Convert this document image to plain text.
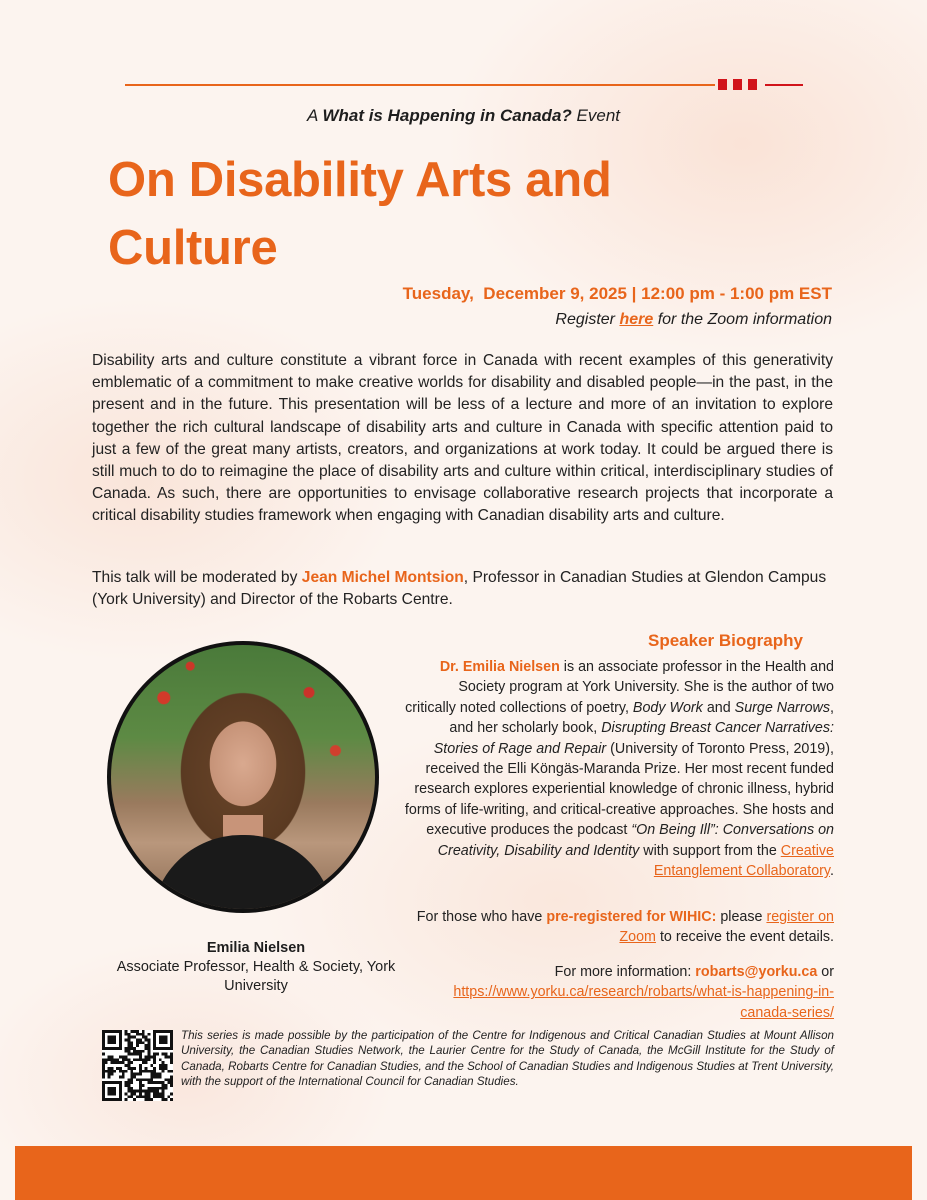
A What is Happening in Canada? Event
On Disability Arts and
Culture
Tuesday,  December 9, 2025 | 12:00 pm - 1:00 pm EST
Register here for the Zoom information
Disability arts and culture constitute a vibrant force in Canada with recent examples of this generativity emblematic of a commitment to make creative worlds for disability and disabled people—in the past, in the present and in the future. This presentation will be less of a lecture and more of an invitation to explore together the rich cultural landscape of disability arts and culture in Canada with specific attention paid to just a few of the great many artists, creators, and organizations at work today. It could be argued there is still much to do to reimagine the place of disability arts and culture within critical, interdisciplinary studies of Canada. As such, there are opportunities to envisage collaborative research projects that incorporate a critical disability studies framework when engaging with Canadian disability arts and culture.
This talk will be moderated by Jean Michel Montsion, Professor in Canadian Studies at Glendon Campus (York University) and Director of the Robarts Centre.
Emilia Nielsen
Associate Professor, Health & Society, York University
Speaker Biography
Dr. Emilia Nielsen is an associate professor in the Health and Society program at York University. She is the author of two critically noted collections of poetry, Body Work and Surge Narrows, and her scholarly book, Disrupting Breast Cancer Narratives: Stories of Rage and Repair (University of Toronto Press, 2019), received the Elli Köngäs-Maranda Prize. Her most recent funded research explores experiential knowledge of chronic illness, hybrid forms of life-writing, and critical-creative approaches. She hosts and executive produces the podcast “On Being Ill”: Conversations on Creativity, Disability and Identity with support from the Creative Entanglement Collaboratory.
For those who have pre-registered for WIHIC: please register on Zoom to receive the event details.
For more information: robarts@yorku.ca or
https://www.yorku.ca/research/robarts/what-is-happening-in-canada-series/
This series is made possible by the participation of the Centre for Indigenous and Critical Canadian Studies at Mount Allison University, the Canadian Studies Network, the Laurier Centre for the Study of Canada, the McGill Institute for the Study of Canada, Robarts Centre for Canadian Studies, and the School of Canadian Studies and Indigenous Studies at Trent University, with the support of the International Council for Canadian Studies.
